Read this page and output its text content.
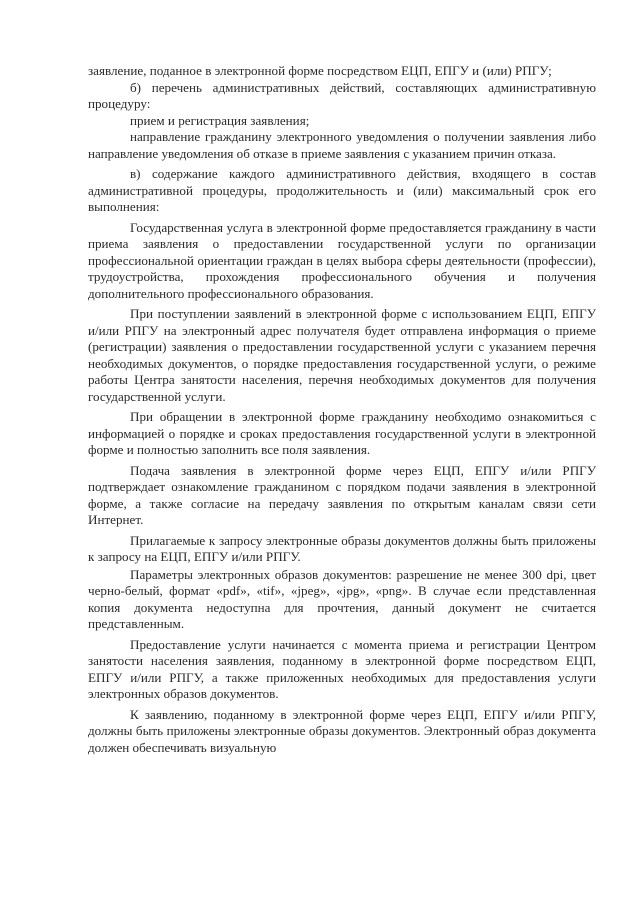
заявление, поданное в электронной форме посредством ЕЦП, ЕПГУ и (или) РПГУ;

б) перечень административных действий, составляющих административную процедуру:

прием и регистрация заявления;

направление гражданину электронного уведомления о получении заявления либо направление уведомления об отказе в приеме заявления с указанием причин отказа.

в) содержание каждого административного действия, входящего в состав административной процедуры, продолжительность и (или) максимальный срок его выполнения:

Государственная услуга в электронной форме предоставляется гражданину в части приема заявления о предоставлении государственной услуги по организации профессиональной ориентации граждан в целях выбора сферы деятельности (профессии), трудоустройства, прохождения профессионального обучения и получения дополнительного профессионального образования.

При поступлении заявлений в электронной форме с использованием ЕЦП, ЕПГУ и/или РПГУ на электронный адрес получателя будет отправлена информация о приеме (регистрации) заявления о предоставлении государственной услуги с указанием перечня необходимых документов, о порядке предоставления государственной услуги, о режиме работы Центра занятости населения, перечня необходимых документов для получения государственной услуги.

При обращении в электронной форме гражданину необходимо ознакомиться с информацией о порядке и сроках предоставления государственной услуги в электронной форме и полностью заполнить все поля заявления.

Подача заявления в электронной форме через ЕЦП, ЕПГУ и/или РПГУ подтверждает ознакомление гражданином с порядком подачи заявления в электронной форме, а также согласие на передачу заявления по открытым каналам связи сети Интернет.

Прилагаемые к запросу электронные образы документов должны быть приложены к запросу на ЕЦП, ЕПГУ и/или РПГУ.

Параметры электронных образов документов: разрешение не менее 300 dpi, цвет черно-белый, формат «pdf», «tif», «jpeg», «jpg», «png». В случае если представленная копия документа недоступна для прочтения, данный документ не считается представленным.

Предоставление услуги начинается с момента приема и регистрации Центром занятости населения заявления, поданному в электронной форме посредством ЕЦП, ЕПГУ и/или РПГУ, а также приложенных необходимых для предоставления услуги электронных образов документов.

К заявлению, поданному в электронной форме через ЕЦП, ЕПГУ и/или РПГУ, должны быть приложены электронные образы документов. Электронный образ документа должен обеспечивать визуальную
